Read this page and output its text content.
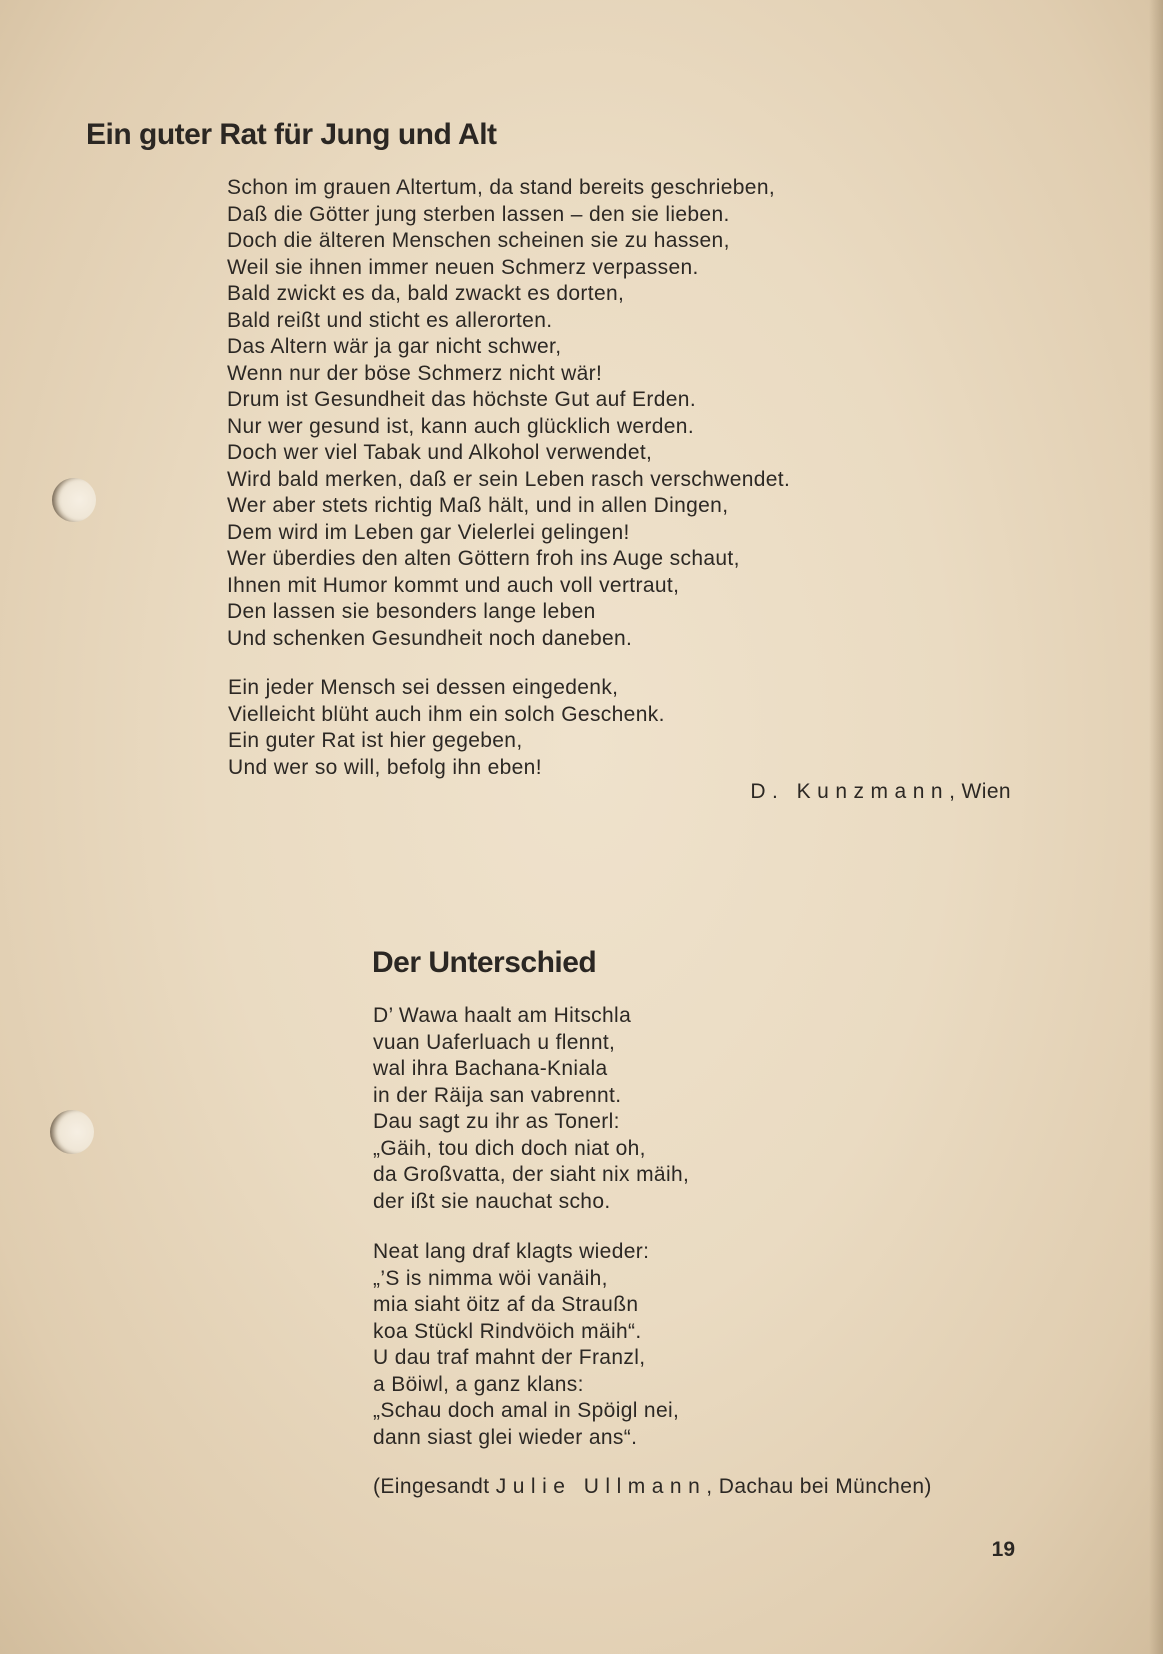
Ein guter Rat für Jung und Alt
Schon im grauen Altertum, da stand bereits geschrieben,
Daß die Götter jung sterben lassen – den sie lieben.
Doch die älteren Menschen scheinen sie zu hassen,
Weil sie ihnen immer neuen Schmerz verpassen.
Bald zwickt es da, bald zwackt es dorten,
Bald reißt und sticht es allerorten.
Das Altern wär ja gar nicht schwer,
Wenn nur der böse Schmerz nicht wär!
Drum ist Gesundheit das höchste Gut auf Erden.
Nur wer gesund ist, kann auch glücklich werden.
Doch wer viel Tabak und Alkohol verwendet,
Wird bald merken, daß er sein Leben rasch verschwendet.
Wer aber stets richtig Maß hält, und in allen Dingen,
Dem wird im Leben gar Vielerlei gelingen!
Wer überdies den alten Göttern froh ins Auge schaut,
Ihnen mit Humor kommt und auch voll vertraut,
Den lassen sie besonders lange leben
Und schenken Gesundheit noch daneben.
Ein jeder Mensch sei dessen eingedenk,
Vielleicht blüht auch ihm ein solch Geschenk.
Ein guter Rat ist hier gegeben,
Und wer so will, befolg ihn eben!
D. Kunzmann, Wien
Der Unterschied
D’ Wawa haalt am Hitschla
vuan Uaferluach u flennt,
wal ihra Bachana-Kniala
in der Räija san vabrennt.
Dau sagt zu ihr as Tonerl:
„Gäih, tou dich doch niat oh,
da Großvatta, der siaht nix mäih,
der ißt sie nauchat scho.
Neat lang draf klagts wieder:
„’S is nimma wöi vanäih,
mia siaht öitz af da Straußn
koa Stückl Rindvöich mäih“.
U dau traf mahnt der Franzl,
a Böiwl, a ganz klans:
„Schau doch amal in Spöigl nei,
dann siast glei wieder ans“.
(Eingesandt Julie Ullmann, Dachau bei München)
19
